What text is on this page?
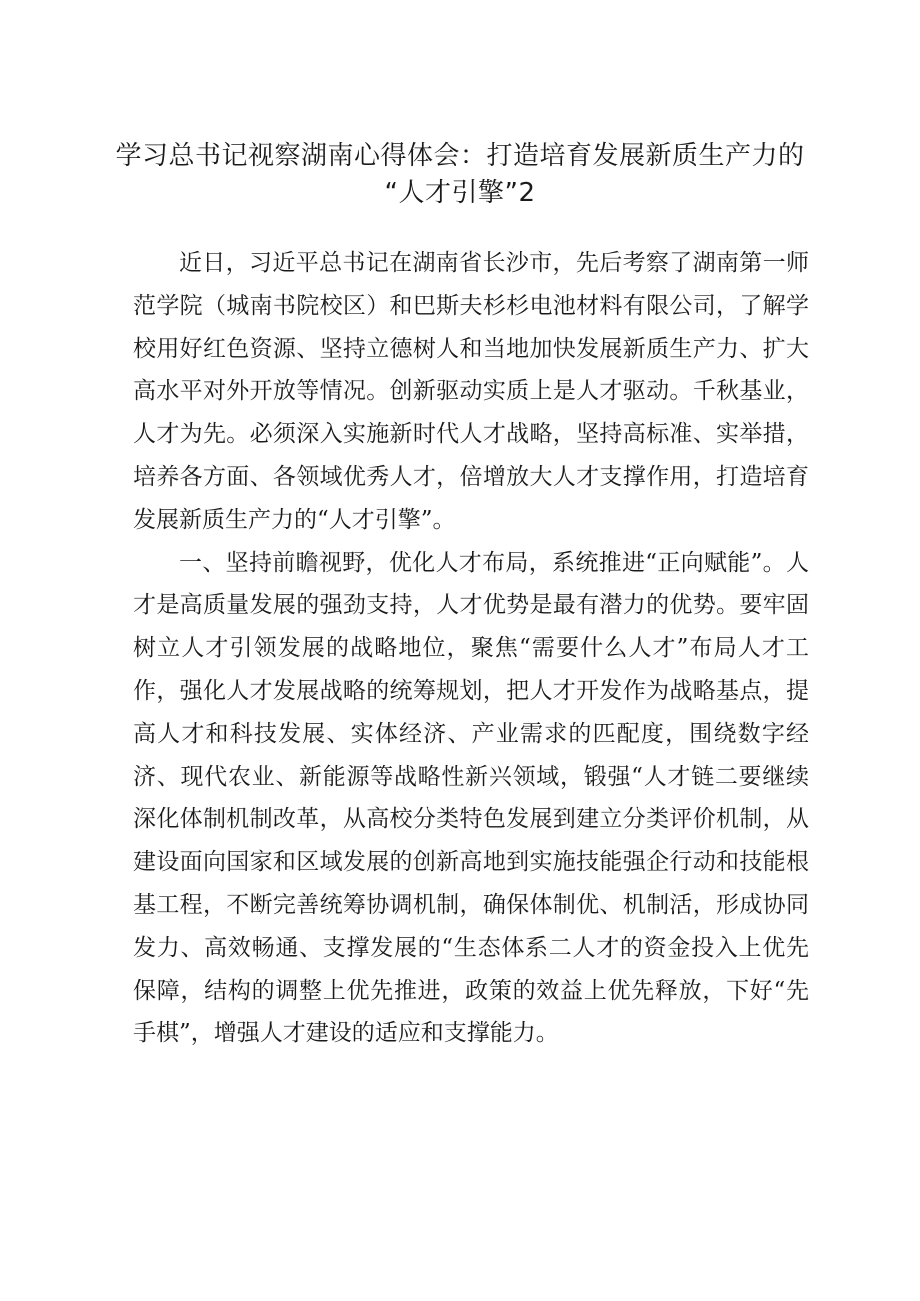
学习总书记视察湖南心得体会：打造培育发展新质生产力的
“人才引擎”2

近日，习近平总书记在湖南省长沙市，先后考察了湖南第一师范学院（城南书院校区）和巴斯夫杉杉电池材料有限公司，了解学校用好红色资源、坚持立德树人和当地加快发展新质生产力、扩大高水平对外开放等情况。创新驱动实质上是人才驱动。千秋基业，人才为先。必须深入实施新时代人才战略，坚持高标准、实举措，培养各方面、各领域优秀人才，倍增放大人才支撑作用，打造培育发展新质生产力的“人才引擎”。

一、坚持前瞻视野，优化人才布局，系统推进“正向赋能”。人才是高质量发展的强劲支持，人才优势是最有潜力的优势。要牢固树立人才引领发展的战略地位，聚焦“需要什么人才”布局人才工作，强化人才发展战略的统筹规划，把人才开发作为战略基点，提高人才和科技发展、实体经济、产业需求的匹配度，围绕数字经济、现代农业、新能源等战略性新兴领域，锻强“人才链二要继续深化体制机制改革，从高校分类特色发展到建立分类评价机制，从建设面向国家和区域发展的创新高地到实施技能强企行动和技能根基工程，不断完善统筹协调机制，确保体制优、机制活，形成协同发力、高效畅通、支撑发展的“生态体系二人才的资金投入上优先保障，结构的调整上优先推进，政策的效益上优先释放，下好“先手棋”，增强人才建设的适应和支撑能力。
